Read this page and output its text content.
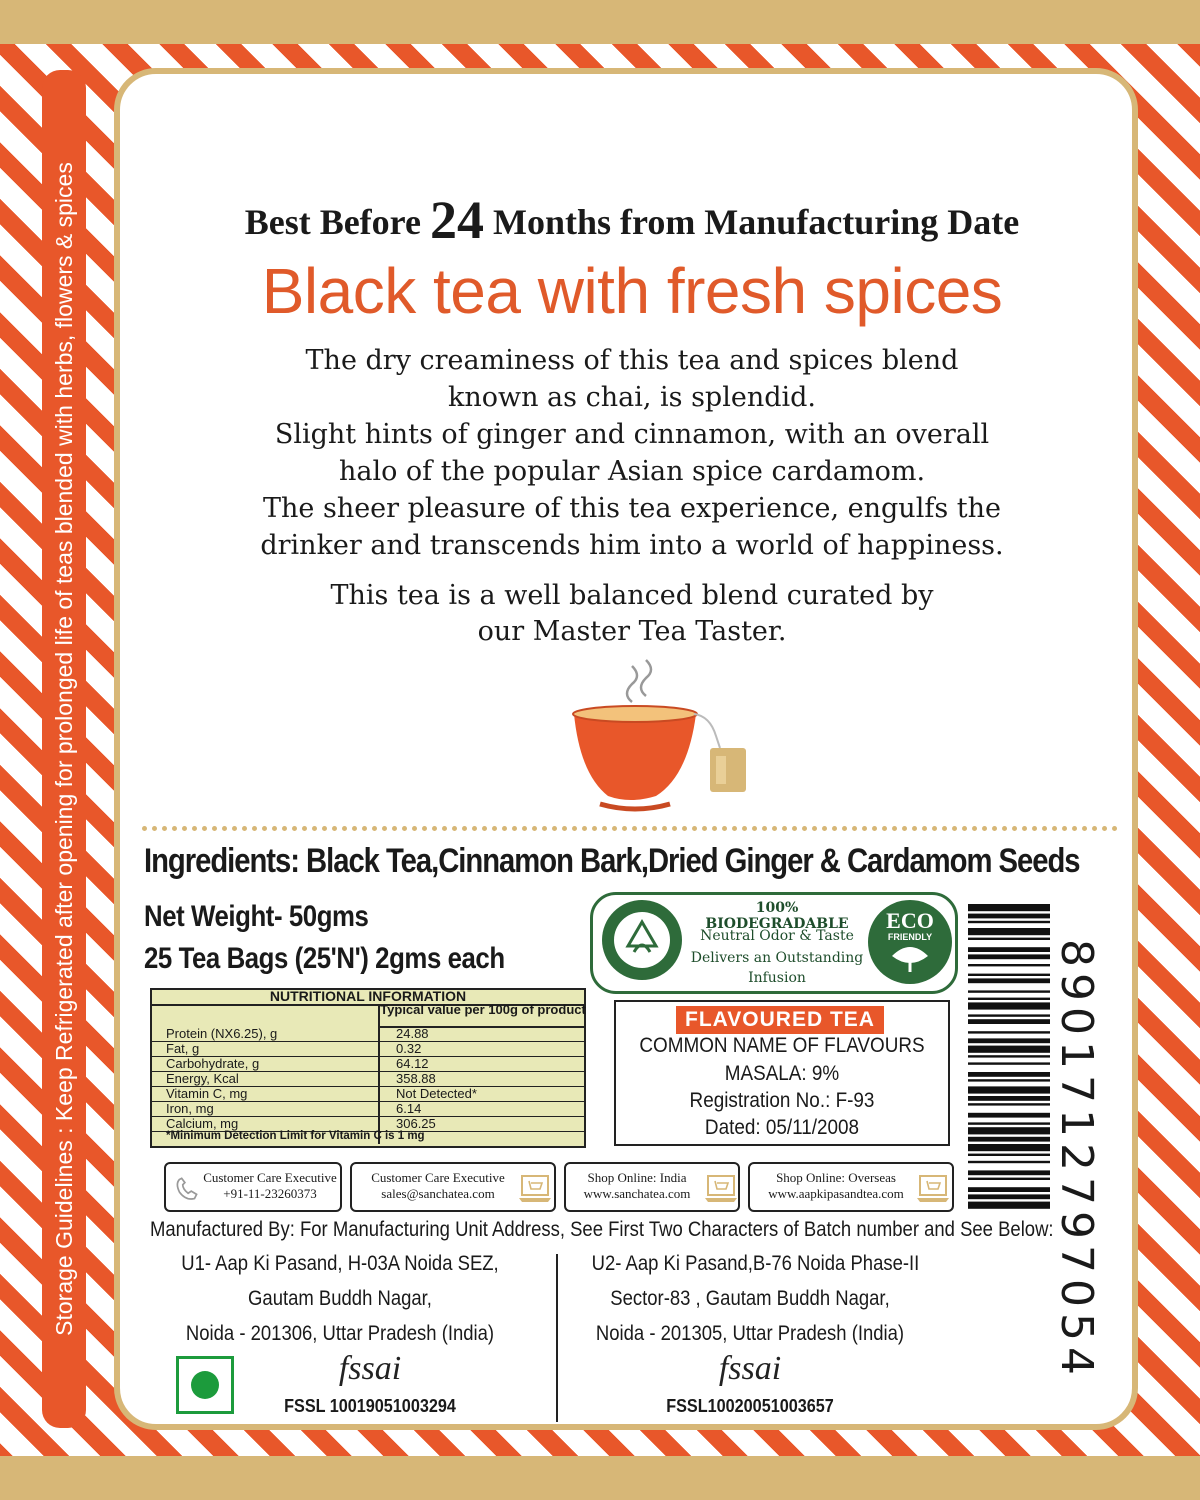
Storage Guidelines : Keep Refrigerated after opening for prolonged life of teas blended with herbs, flowers & spices	Best Before 24 Months from Manufacturing Date
Black tea with fresh spices
The dry creaminess of this tea and spices blend
known as chai, is splendid.
Slight hints of ginger and cinnamon, with an overall
halo of the popular Asian spice cardamom.
The sheer pleasure of this tea experience, engulfs the
drinker and transcends him into a world of happiness.
This tea is a well balanced blend curated by
our Master Tea Taster.
Ingredients: Black Tea,Cinnamon Bark,Dried Ginger & Cardamom Seeds
Net Weight- 50gms
25 Tea Bags (25'N') 2gms each
NUTRITIONAL INFORMATION
Typical value per 100g of product
Protein (NX6.25), g	24.88
Fat, g	0.32
Carbohydrate, g	64.12
Energy, Kcal	358.88
Vitamin C, mg	Not Detected*
Iron, mg	6.14
Calcium, mg	306.25
*Minimum Detection Limit for Vitamin C is 1 mg
100% BIODEGRADABLE
Neutral Odor & Taste
Delivers an Outstanding
Infusion
ECO
FRIENDLY
FLAVOURED TEA
COMMON NAME OF FLAVOURS
MASALA: 9%
Registration No.: F-93
Dated: 05/11/2008	8901712797054
Customer Care Executive
+91-11-23260373
Customer Care Executive
sales@sanchatea.com
Shop Online: India
www.sanchatea.com
Shop Online: Overseas
www.aapkipasandtea.com
Manufactured By: For Manufacturing Unit Address, See First Two Characters of Batch number and See Below:
U1- Aap Ki Pasand, H-03A Noida SEZ,
Gautam Buddh Nagar,
Noida - 201306, Uttar Pradesh (India)
U2- Aap Ki Pasand,B-76 Noida Phase-II
Sector-83 , Gautam Buddh Nagar,
Noida - 201305, Uttar Pradesh (India)
fssai
FSSL 10019051003294
fssai
FSSL10020051003657
